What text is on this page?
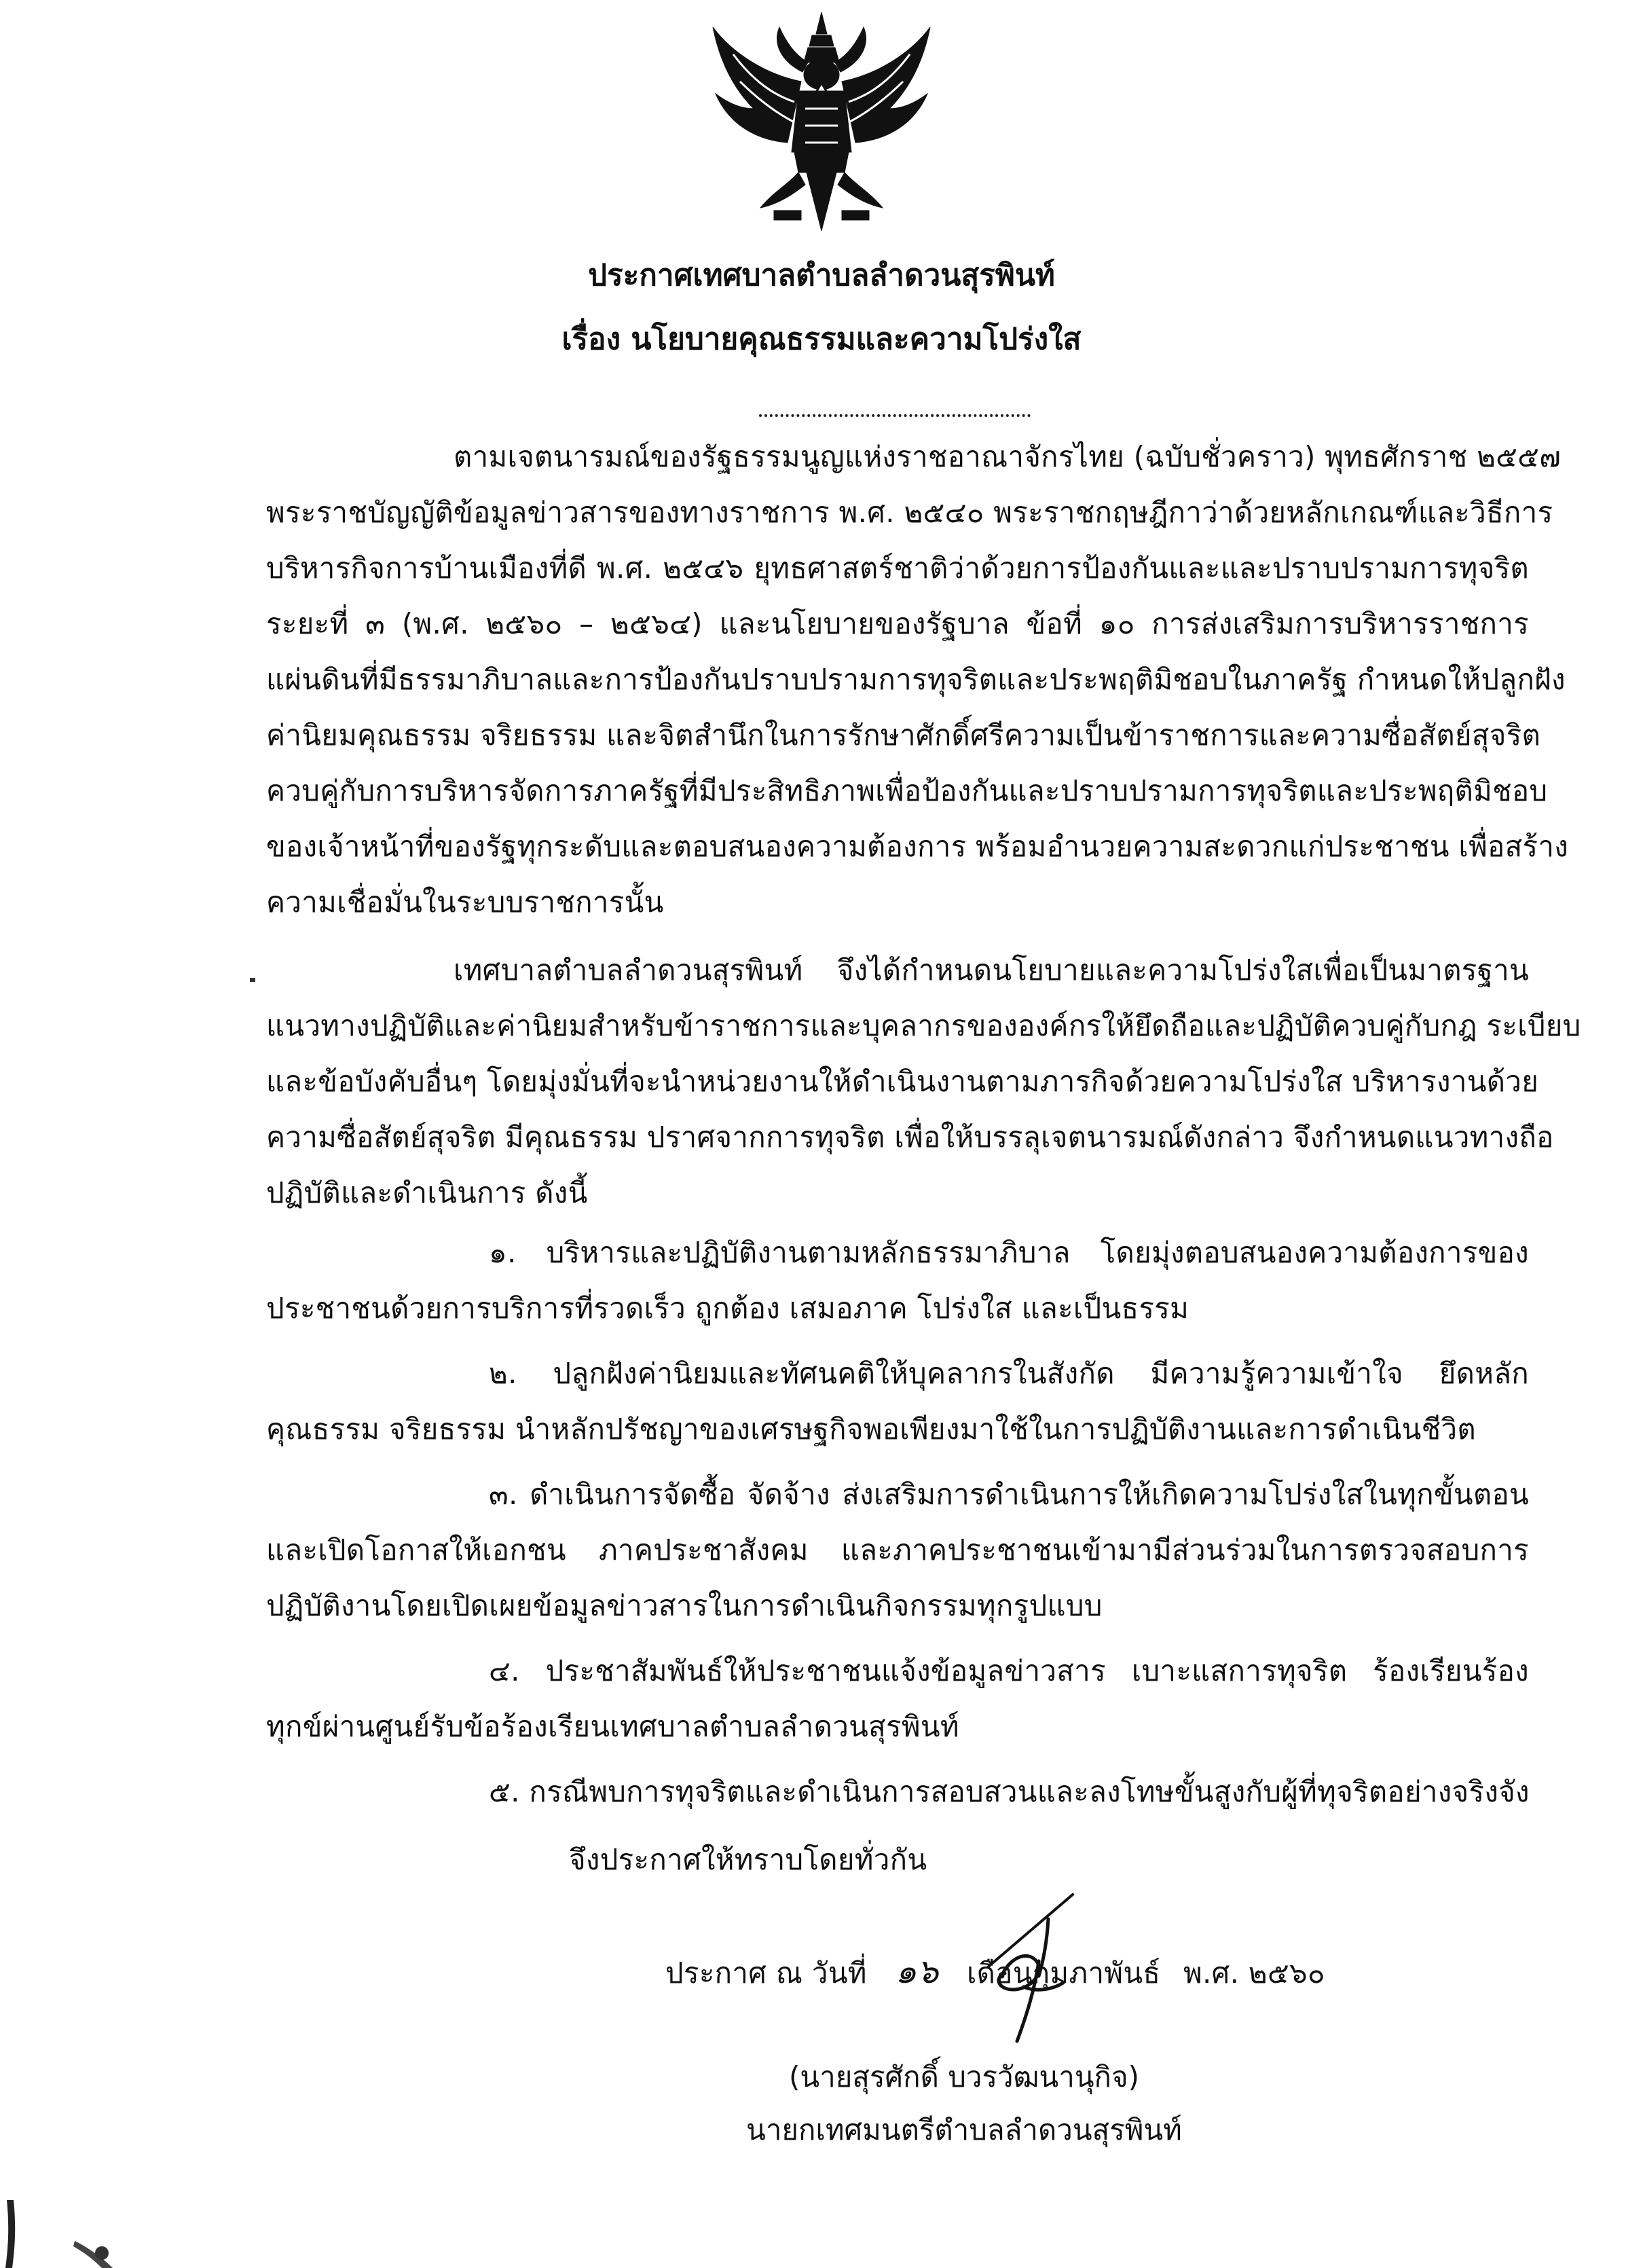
ประกาศเทศบาลตำบลลำดวนสุรพินท์
เรื่อง นโยบายคุณธรรมและความโปร่งใส
ตามเจตนารมณ์ของรัฐธรรมนูญแห่งราชอาณาจักรไทย (ฉบับชั่วคราว) พุทธศักราช ๒๕๕๗
พระราชบัญญัติข้อมูลข่าวสารของทางราชการ พ.ศ. ๒๕๔๐ พระราชกฤษฎีกาว่าด้วยหลักเกณฑ์และวิธีการ
บริหารกิจการบ้านเมืองที่ดี พ.ศ. ๒๕๔๖ ยุทธศาสตร์ชาติว่าด้วยการป้องกันและและปราบปรามการทุจริต
ระยะที่ ๓ (พ.ศ. ๒๕๖๐ – ๒๕๖๔) และนโยบายของรัฐบาล ข้อที่ ๑๐ การส่งเสริมการบริหารราชการ
แผ่นดินที่มีธรรมาภิบาลและการป้องกันปราบปรามการทุจริตและประพฤติมิชอบในภาครัฐ กำหนดให้ปลูกฝัง
ค่านิยมคุณธรรม จริยธรรม และจิตสำนึกในการรักษาศักดิ์ศรีความเป็นข้าราชการและความซื่อสัตย์สุจริต
ควบคู่กับการบริหารจัดการภาครัฐที่มีประสิทธิภาพเพื่อป้องกันและปราบปรามการทุจริตและประพฤติมิชอบ
ของเจ้าหน้าที่ของรัฐทุกระดับและตอบสนองความต้องการ พร้อมอำนวยความสะดวกแก่ประชาชน เพื่อสร้าง
ความเชื่อมั่นในระบบราชการนั้น
เทศบาลตำบลลำดวนสุรพินท์ จึงได้กำหนดนโยบายและความโปร่งใสเพื่อเป็นมาตรฐาน
แนวทางปฏิบัติและค่านิยมสำหรับข้าราชการและบุคลากรขององค์กรให้ยึดถือและปฏิบัติควบคู่กับกฎ ระเบียบ
และข้อบังคับอื่นๆ โดยมุ่งมั่นที่จะนำหน่วยงานให้ดำเนินงานตามภารกิจด้วยความโปร่งใส บริหารงานด้วย
ความซื่อสัตย์สุจริต มีคุณธรรม ปราศจากการทุจริต เพื่อให้บรรลุเจตนารมณ์ดังกล่าว จึงกำหนดแนวทางถือ
ปฏิบัติและดำเนินการ ดังนี้
๑. บริหารและปฏิบัติงานตามหลักธรรมาภิบาล โดยมุ่งตอบสนองความต้องการของ
ประชาชนด้วยการบริการที่รวดเร็ว ถูกต้อง เสมอภาค โปร่งใส และเป็นธรรม
๒. ปลูกฝังค่านิยมและทัศนคติให้บุคลากรในสังกัด มีความรู้ความเข้าใจ ยึดหลัก
คุณธรรม จริยธรรม นำหลักปรัชญาของเศรษฐกิจพอเพียงมาใช้ในการปฏิบัติงานและการดำเนินชีวิต
๓. ดำเนินการจัดซื้อ จัดจ้าง ส่งเสริมการดำเนินการให้เกิดความโปร่งใสในทุกขั้นตอน
และเปิดโอกาสให้เอกชน ภาคประชาสังคม และภาคประชาชนเข้ามามีส่วนร่วมในการตรวจสอบการ
ปฏิบัติงานโดยเปิดเผยข้อมูลข่าวสารในการดำเนินกิจกรรมทุกรูปแบบ
๔. ประชาสัมพันธ์ให้ประชาชนแจ้งข้อมูลข่าวสาร เบาะแสการทุจริต ร้องเรียนร้อง
ทุกข์ผ่านศูนย์รับข้อร้องเรียนเทศบาลตำบลลำดวนสุรพินท์
๕. กรณีพบการทุจริตและดำเนินการสอบสวนและลงโทษขั้นสูงกับผู้ที่ทุจริตอย่างจริงจัง
จึงประกาศให้ทราบโดยทั่วกัน
ประกาศ ณ วันที่ ๑๖ เดือนกุมภาพันธ์ พ.ศ. ๒๕๖๐
(นายสุรศักดิ์ บวรวัฒนานุกิจ)
นายกเทศมนตรีตำบลลำดวนสุรพินท์
